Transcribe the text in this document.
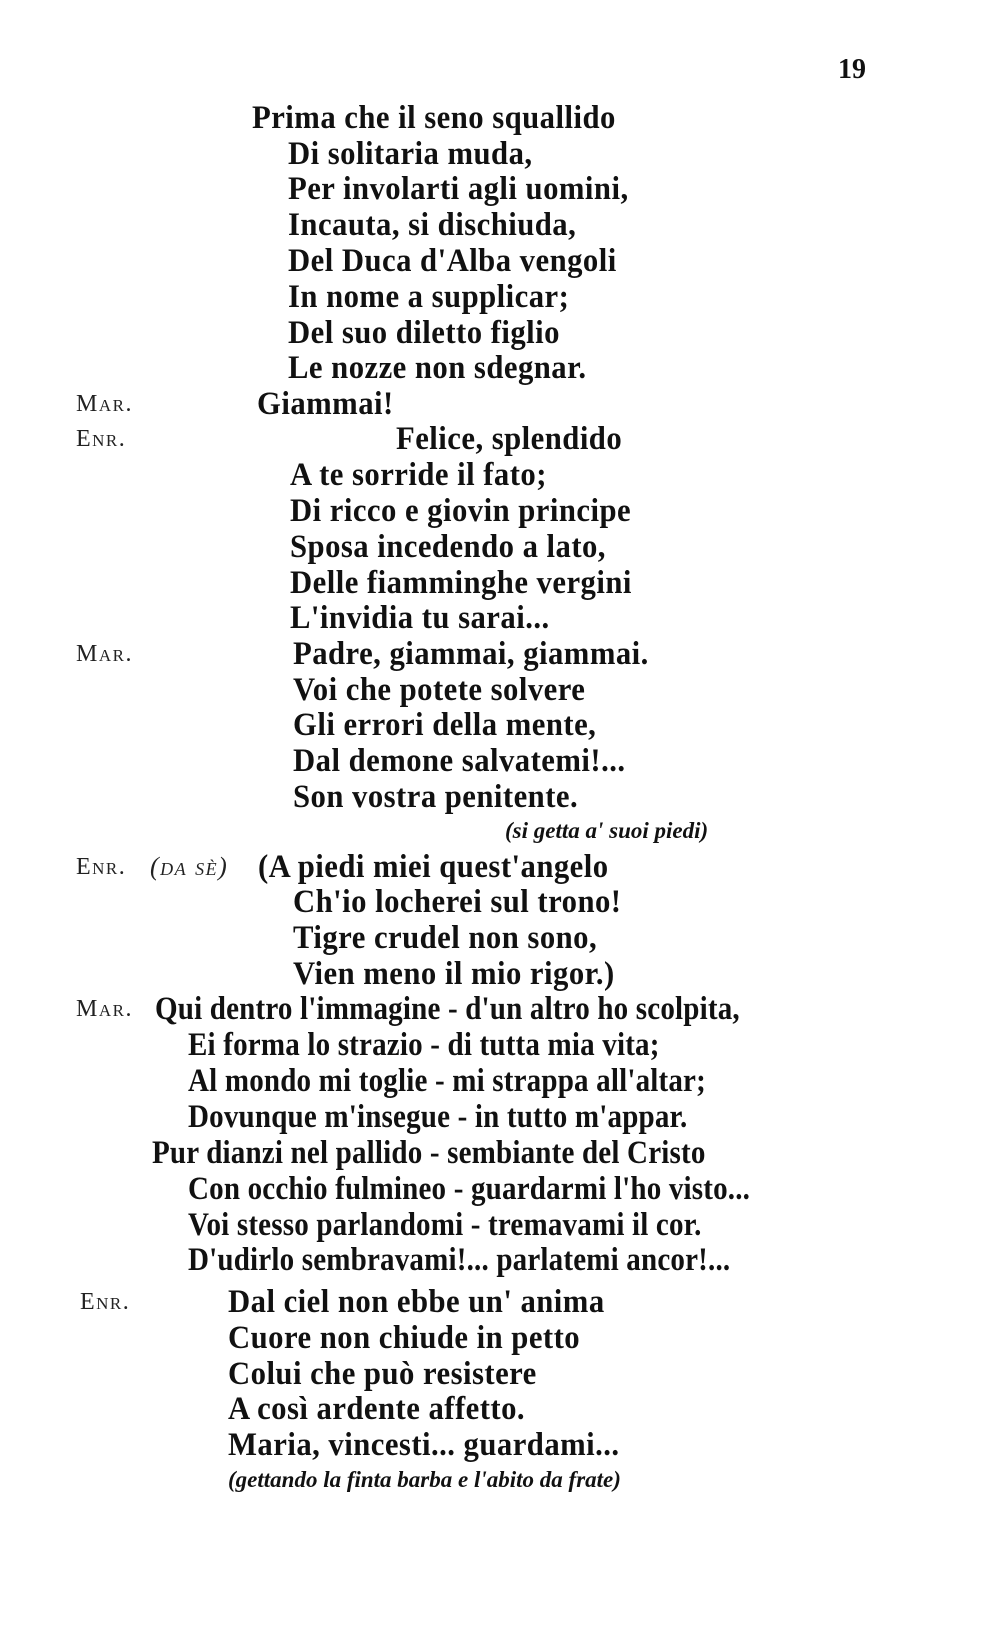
19
Mar.
Enr.
Mar.
Enr. (da sè)
Mar.
Enr.

Prima che il seno squallido

Di solitaria muda,

Per involarti agli uomini,

Incauta, si dischiuda,

Del Duca d'Alba vengoli

In nome a supplicar;

Del suo diletto figlio

Le nozze non sdegnar.

Giammai!

Felice, splendido

A te sorride il fato;

Di ricco e giovin principe

Sposa incedendo a lato,

Delle fiamminghe vergini

L'invidia tu sarai...

Padre, giammai, giammai.

Voi che potete solvere

Gli errori della mente,

Dal demone salvatemi!...

Son vostra penitente.

(si getta a' suoi piedi)

(A piedi miei quest'angelo

Ch'io locherei sul trono!

Tigre crudel non sono,

Vien meno il mio rigor.)

Qui dentro l'immagine - d'un altro ho scolpita,

Ei forma lo strazio - di tutta mia vita;

Al mondo mi toglie - mi strappa all'altar;

Dovunque m'insegue - in tutto m'appar.

Pur dianzi nel pallido - sembiante del Cristo

Con occhio fulmineo - guardarmi l'ho visto...

Voi stesso parlandomi - tremavami il cor.

D'udirlo sembravami!... parlatemi ancor!...

Dal ciel non ebbe un' anima

Cuore non chiude in petto

Colui che può resistere

A così ardente affetto.

Maria, vincesti... guardami...

(gettando la finta barba e l'abito da frate)
